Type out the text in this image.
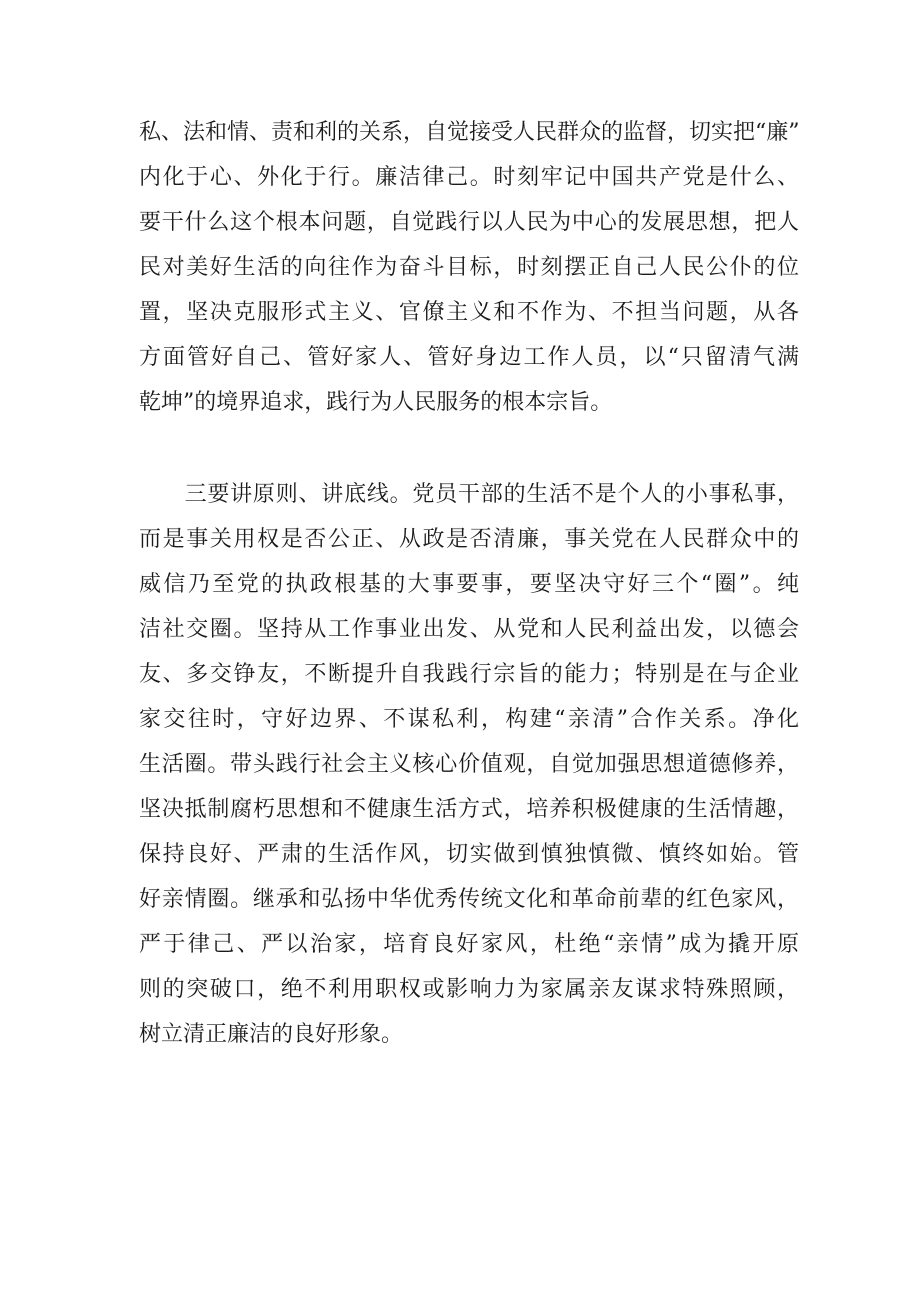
私、法和情、责和利的关系，自觉接受人民群众的监督，切实把“廉”
内化于心、外化于行。廉洁律己。时刻牢记中国共产党是什么、
要干什么这个根本问题，自觉践行以人民为中心的发展思想，把人
民对美好生活的向往作为奋斗目标，时刻摆正自己人民公仆的位
置，坚决克服形式主义、官僚主义和不作为、不担当问题，从各
方面管好自己、管好家人、管好身边工作人员，以“只留清气满
乾坤”的境界追求，践行为人民服务的根本宗旨。
　　三要讲原则、讲底线。党员干部的生活不是个人的小事私事，
而是事关用权是否公正、从政是否清廉，事关党在人民群众中的
威信乃至党的执政根基的大事要事，要坚决守好三个“圈”。纯
洁社交圈。坚持从工作事业出发、从党和人民利益出发，以德会
友、多交铮友，不断提升自我践行宗旨的能力；特别是在与企业
家交往时，守好边界、不谋私利，构建“亲清”合作关系。净化
生活圈。带头践行社会主义核心价值观，自觉加强思想道德修养，
坚决抵制腐朽思想和不健康生活方式，培养积极健康的生活情趣，
保持良好、严肃的生活作风，切实做到慎独慎微、慎终如始。管
好亲情圈。继承和弘扬中华优秀传统文化和革命前辈的红色家风，
严于律己、严以治家，培育良好家风，杜绝“亲情”成为撬开原
则的突破口，绝不利用职权或影响力为家属亲友谋求特殊照顾，
树立清正廉洁的良好形象。
